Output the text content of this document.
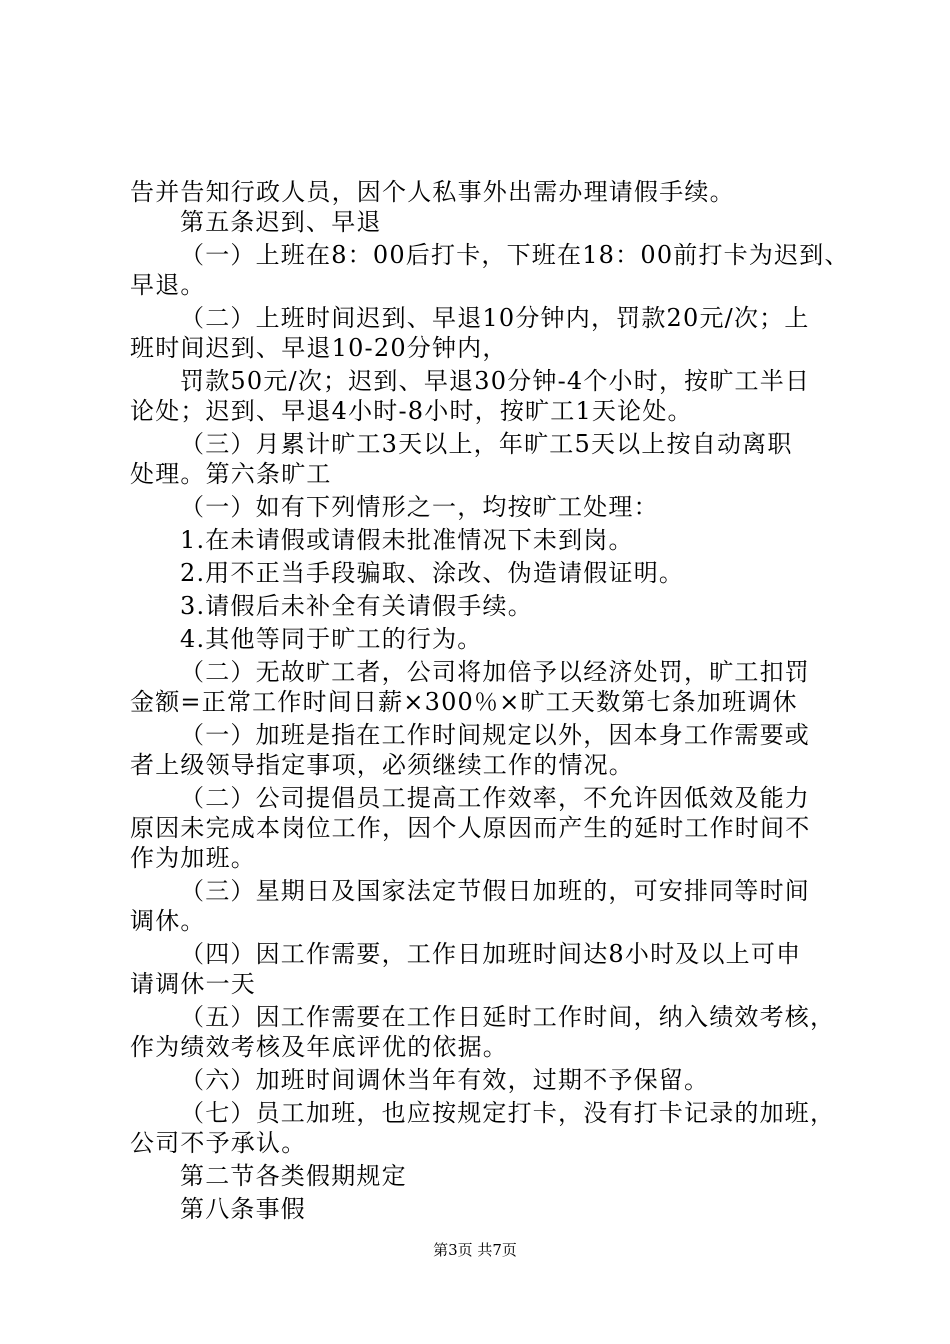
告并告知行政人员，因个人私事外出需办理请假手续。

第五条迟到、早退

（一）上班在8：00后打卡，下班在18：00前打卡为迟到、

早退。

（二）上班时间迟到、早退10分钟内，罚款20元/次；上

班时间迟到、早退10-20分钟内，

罚款50元/次；迟到、早退30分钟-4个小时，按旷工半日

论处；迟到、早退4小时-8小时，按旷工1天论处。

（三）月累计旷工3天以上，年旷工5天以上按自动离职

处理。第六条旷工

（一）如有下列情形之一，均按旷工处理：

1.在未请假或请假未批准情况下未到岗。

2.用不正当手段骗取、涂改、伪造请假证明。

3.请假后未补全有关请假手续。

4.其他等同于旷工的行为。

（二）无故旷工者，公司将加倍予以经济处罚，旷工扣罚

金额=正常工作时间日薪×300％×旷工天数第七条加班调休

（一）加班是指在工作时间规定以外，因本身工作需要或

者上级领导指定事项，必须继续工作的情况。

（二）公司提倡员工提高工作效率，不允许因低效及能力

原因未完成本岗位工作，因个人原因而产生的延时工作时间不

作为加班。

（三）星期日及国家法定节假日加班的，可安排同等时间

调休。

（四）因工作需要，工作日加班时间达8小时及以上可申

请调休一天

（五）因工作需要在工作日延时工作时间，纳入绩效考核，

作为绩效考核及年底评优的依据。

（六）加班时间调休当年有效，过期不予保留。

（七）员工加班，也应按规定打卡，没有打卡记录的加班，

公司不予承认。

第二节各类假期规定

第八条事假

第3页 共7页
